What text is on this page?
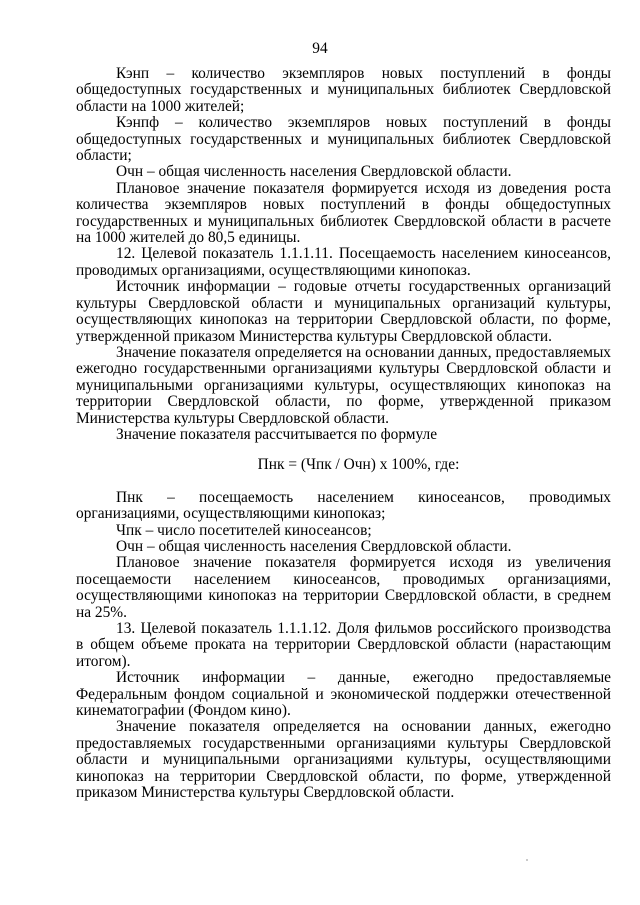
94

Кэнп – количество экземпляров новых поступлений в фонды общедоступных государственных и муниципальных библиотек Свердловской области на 1000 жителей;

Кэнпф – количество экземпляров новых поступлений в фонды общедоступных государственных и муниципальных библиотек Свердловской области;

Очн – общая численность населения Свердловской области.

Плановое значение показателя формируется исходя из доведения роста количества экземпляров новых поступлений в фонды общедоступных государственных и муниципальных библиотек Свердловской области в расчете на 1000 жителей до 80,5 единицы.

12. Целевой показатель 1.1.1.11. Посещаемость населением киносеансов, проводимых организациями, осуществляющими кинопоказ.

Источник информации – годовые отчеты государственных организаций культуры Свердловской области и муниципальных организаций культуры, осуществляющих кинопоказ на территории Свердловской области, по форме, утвержденной приказом Министерства культуры Свердловской области.

Значение показателя определяется на основании данных, предоставляемых ежегодно государственными организациями культуры Свердловской области и муниципальными организациями культуры, осуществляющих кинопоказ на территории Свердловской области, по форме, утвержденной приказом Министерства культуры Свердловской области.

Значение показателя рассчитывается по формуле

Пнк = (Чпк / Очн) x 100%, где:

Пнк – посещаемость населением киносеансов, проводимых организациями, осуществляющими кинопоказ;

Чпк – число посетителей киносеансов;

Очн – общая численность населения Свердловской области.

Плановое значение показателя формируется исходя из увеличения посещаемости населением киносеансов, проводимых организациями, осуществляющими кинопоказ на территории Свердловской области, в среднем на 25%.

13. Целевой показатель 1.1.1.12. Доля фильмов российского производства в общем объеме проката на территории Свердловской области (нарастающим итогом).

Источник информации – данные, ежегодно предоставляемые Федеральным фондом социальной и экономической поддержки отечественной кинематографии (Фондом кино).

Значение показателя определяется на основании данных, ежегодно предоставляемых государственными организациями культуры Свердловской области и муниципальными организациями культуры, осуществляющими кинопоказ на территории Свердловской области, по форме, утвержденной приказом Министерства культуры Свердловской области.
